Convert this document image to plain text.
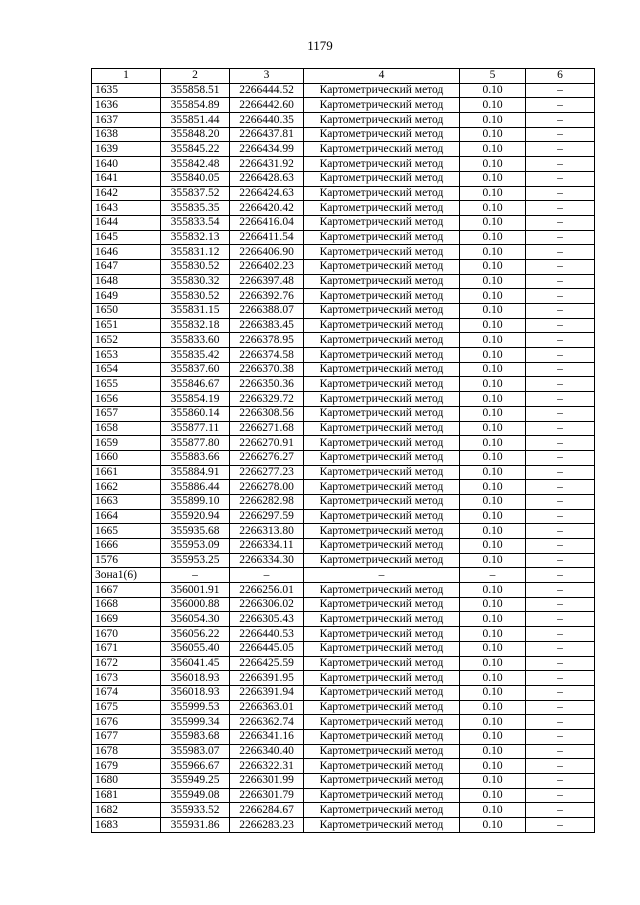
1179
1	2	3	4	5	6
1635	355858.51	2266444.52	Картометрический метод	0.10	–
1636	355854.89	2266442.60	Картометрический метод	0.10	–
1637	355851.44	2266440.35	Картометрический метод	0.10	–
1638	355848.20	2266437.81	Картометрический метод	0.10	–
1639	355845.22	2266434.99	Картометрический метод	0.10	–
1640	355842.48	2266431.92	Картометрический метод	0.10	–
1641	355840.05	2266428.63	Картометрический метод	0.10	–
1642	355837.52	2266424.63	Картометрический метод	0.10	–
1643	355835.35	2266420.42	Картометрический метод	0.10	–
1644	355833.54	2266416.04	Картометрический метод	0.10	–
1645	355832.13	2266411.54	Картометрический метод	0.10	–
1646	355831.12	2266406.90	Картометрический метод	0.10	–
1647	355830.52	2266402.23	Картометрический метод	0.10	–
1648	355830.32	2266397.48	Картометрический метод	0.10	–
1649	355830.52	2266392.76	Картометрический метод	0.10	–
1650	355831.15	2266388.07	Картометрический метод	0.10	–
1651	355832.18	2266383.45	Картометрический метод	0.10	–
1652	355833.60	2266378.95	Картометрический метод	0.10	–
1653	355835.42	2266374.58	Картометрический метод	0.10	–
1654	355837.60	2266370.38	Картометрический метод	0.10	–
1655	355846.67	2266350.36	Картометрический метод	0.10	–
1656	355854.19	2266329.72	Картометрический метод	0.10	–
1657	355860.14	2266308.56	Картометрический метод	0.10	–
1658	355877.11	2266271.68	Картометрический метод	0.10	–
1659	355877.80	2266270.91	Картометрический метод	0.10	–
1660	355883.66	2266276.27	Картометрический метод	0.10	–
1661	355884.91	2266277.23	Картометрический метод	0.10	–
1662	355886.44	2266278.00	Картометрический метод	0.10	–
1663	355899.10	2266282.98	Картометрический метод	0.10	–
1664	355920.94	2266297.59	Картометрический метод	0.10	–
1665	355935.68	2266313.80	Картометрический метод	0.10	–
1666	355953.09	2266334.11	Картометрический метод	0.10	–
1576	355953.25	2266334.30	Картометрический метод	0.10	–
Зона1(6)	–	–	–	–	–
1667	356001.91	2266256.01	Картометрический метод	0.10	–
1668	356000.88	2266306.02	Картометрический метод	0.10	–
1669	356054.30	2266305.43	Картометрический метод	0.10	–
1670	356056.22	2266440.53	Картометрический метод	0.10	–
1671	356055.40	2266445.05	Картометрический метод	0.10	–
1672	356041.45	2266425.59	Картометрический метод	0.10	–
1673	356018.93	2266391.95	Картометрический метод	0.10	–
1674	356018.93	2266391.94	Картометрический метод	0.10	–
1675	355999.53	2266363.01	Картометрический метод	0.10	–
1676	355999.34	2266362.74	Картометрический метод	0.10	–
1677	355983.68	2266341.16	Картометрический метод	0.10	–
1678	355983.07	2266340.40	Картометрический метод	0.10	–
1679	355966.67	2266322.31	Картометрический метод	0.10	–
1680	355949.25	2266301.99	Картометрический метод	0.10	–
1681	355949.08	2266301.79	Картометрический метод	0.10	–
1682	355933.52	2266284.67	Картометрический метод	0.10	–
1683	355931.86	2266283.23	Картометрический метод	0.10	–
